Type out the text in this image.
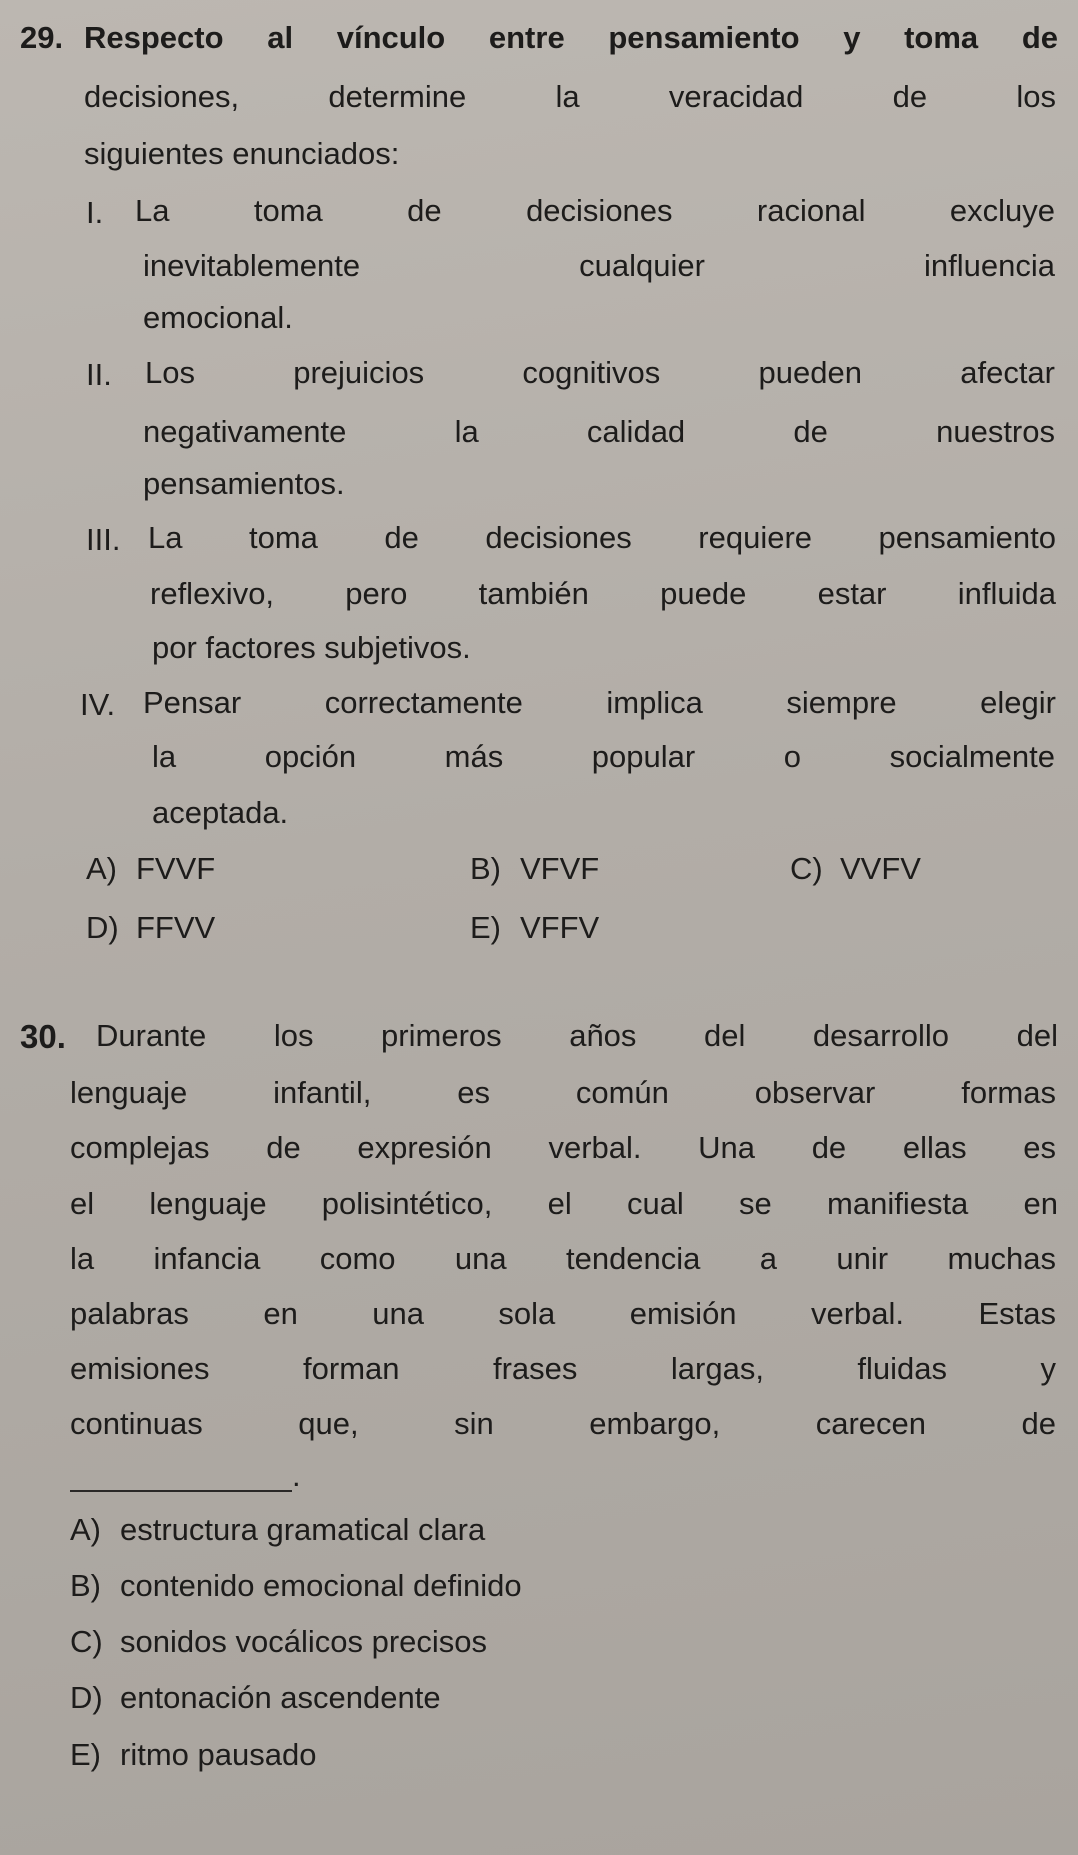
29. Respecto al vínculo entre pensamiento y toma de
decisiones, determine la veracidad de los
siguientes enunciados:
I. La toma de decisiones racional excluye
inevitablemente cualquier influencia
emocional.
II. Los prejuicios cognitivos pueden afectar
negativamente la calidad de nuestros
pensamientos.
III. La toma de decisiones requiere pensamiento
reflexivo, pero también puede estar influida
por factores subjetivos.
IV. Pensar correctamente implica siempre elegir
la opción más popular o socialmente
aceptada.
A) FVVF	B) VFVF	C) VVFV
D) FFVV	E) VFFV
30. Durante los primeros años del desarrollo del
lenguaje infantil, es común observar formas
complejas de expresión verbal. Una de ellas es
el lenguaje polisintético, el cual se manifiesta en
la infancia como una tendencia a unir muchas
palabras en una sola emisión verbal. Estas
emisiones forman frases largas, fluidas y
continuas que, sin embargo, carecen de
.
A) estructura gramatical clara
B) contenido emocional definido
C) sonidos vocálicos precisos
D) entonación ascendente
E) ritmo pausado
